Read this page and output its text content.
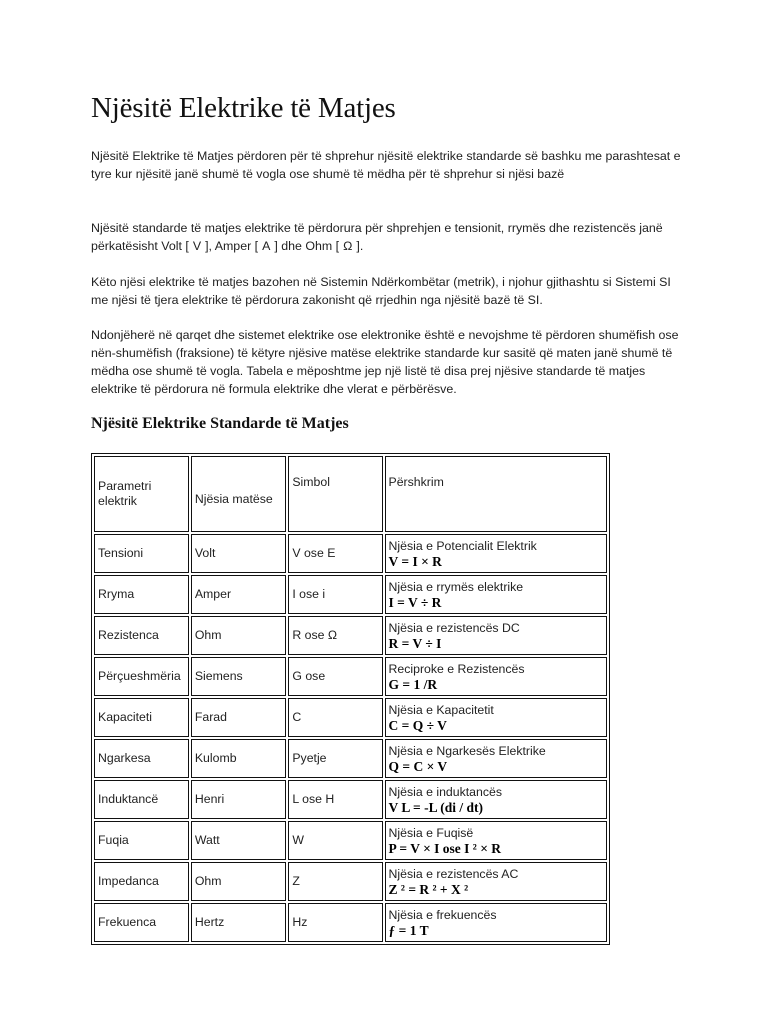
Njësitë Elektrike të Matjes

Njësitë Elektrike të Matjes përdoren për të shprehur njësitë elektrike standarde së bashku me parashtesat e tyre kur njësitë janë shumë të vogla ose shumë të mëdha për të shprehur si njësi bazë

Njësitë standarde të matjes elektrike të përdorura për shprehjen e tensionit, rrymës dhe rezistencës janë përkatësisht Volt [ V ], Amper [ A ] dhe Ohm [ Ω ].

Këto njësi elektrike të matjes bazohen në Sistemin Ndërkombëtar (metrik), i njohur gjithashtu si Sistemi SI me njësi të tjera elektrike të përdorura zakonisht që rrjedhin nga njësitë bazë të SI.

Ndonjëherë në qarqet dhe sistemet elektrike ose elektronike është e nevojshme të përdoren shumëfish ose nën-shumëfish (fraksione) të këtyre njësive matëse elektrike standarde kur sasitë që maten janë shumë të mëdha ose shumë të vogla. Tabela e mëposhtme jep një listë të disa prej njësive standarde të matjes elektrike të përdorura në formula elektrike dhe vlerat e përbërësve.

Njësitë Elektrike Standarde të Matjes
Parametri elektrik	Njësia matëse	Simbol	Përshkrim
Tensioni	Volt	V ose E	Njësia e Potencialit Elektrik
V = I × R

Rryma	Amper	I ose i	Njësia e rrymës elektrike
I = V ÷ R

Rezistenca	Ohm	R ose Ω	Njësia e rezistencës DC
R = V ÷ I

Përçueshmëria	Siemens	G ose	Reciproke e Rezistencës
G = 1 /R

Kapaciteti	Farad	C	Njësia e Kapacitetit
C = Q ÷ V

Ngarkesa	Kulomb	Pyetje	Njësia e Ngarkesës Elektrike
Q = C × V

Induktancë	Henri	L ose H	Njësia e induktancës
V L = -L (di / dt)

Fuqia	Watt	W	Njësia e Fuqisë
P = V × I ose I ² × R

Impedanca	Ohm	Z	Njësia e rezistencës AC
Z ² = R ² + X ²

Frekuenca	Hertz	Hz	Njësia e frekuencës
ƒ = 1 T
